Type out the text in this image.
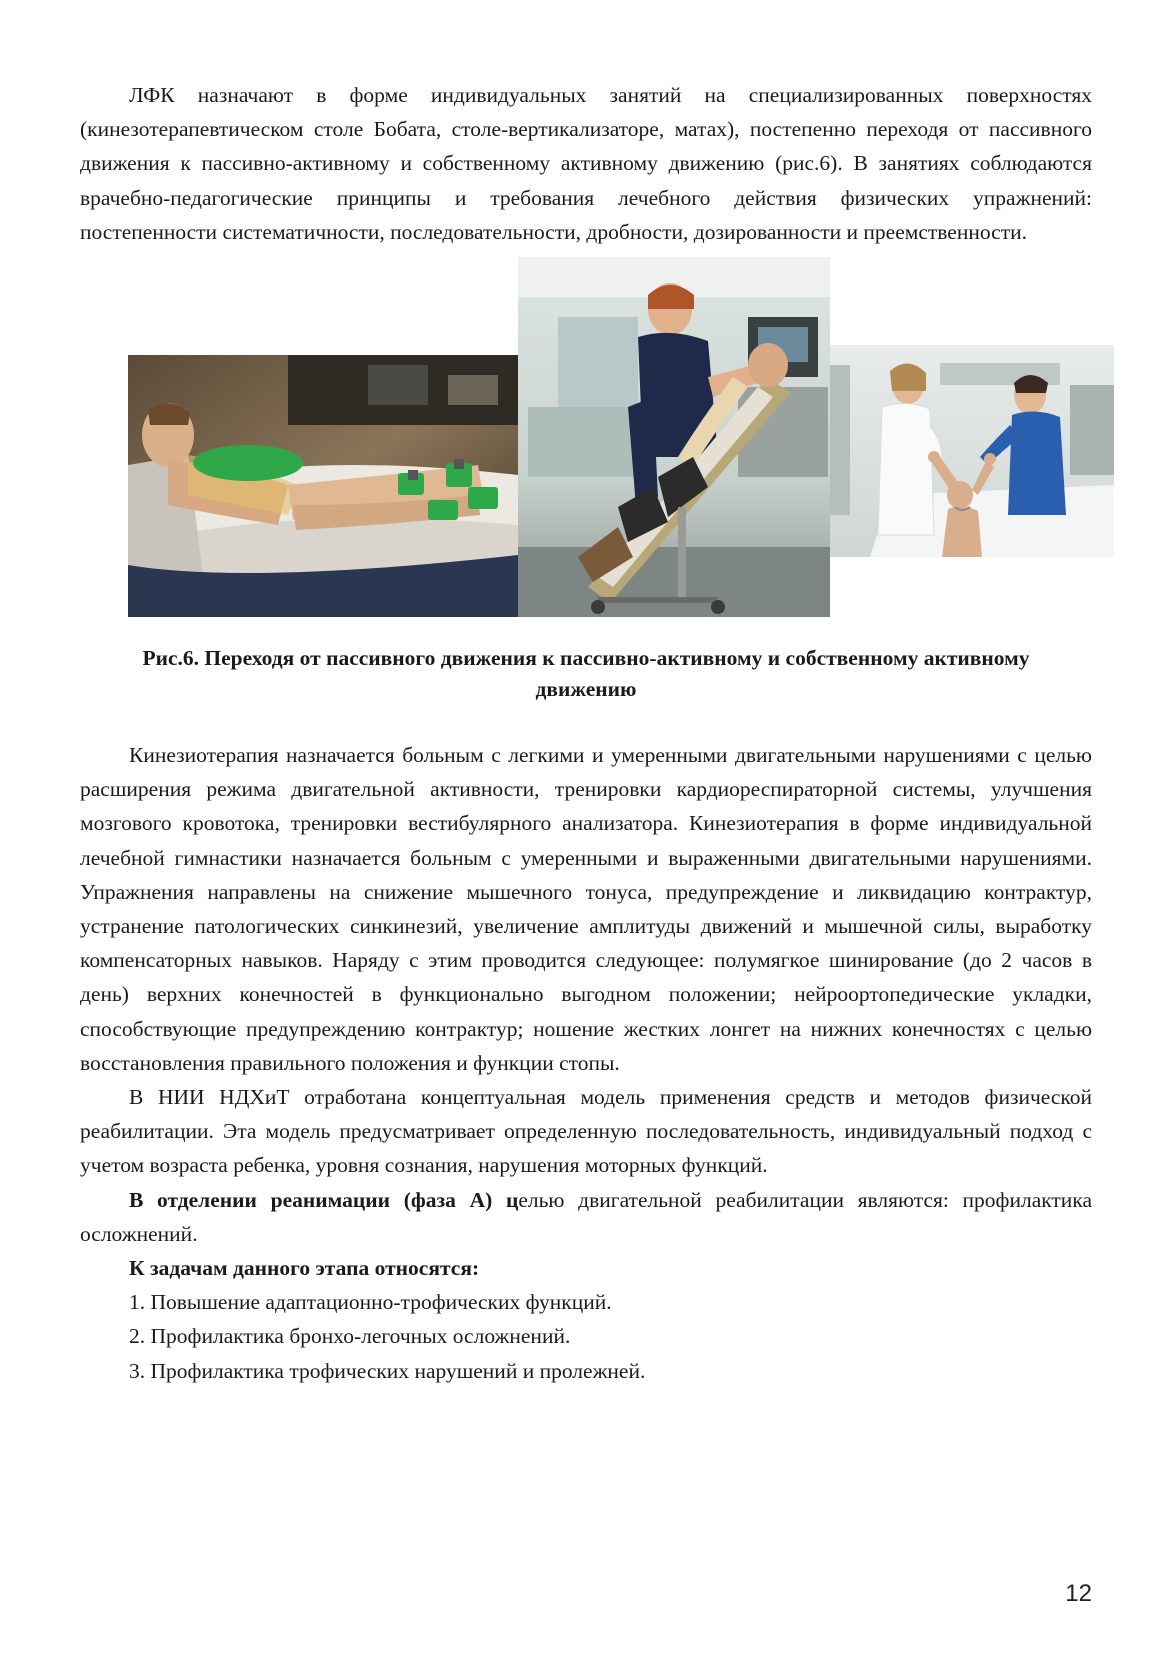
ЛФК назначают в форме индивидуальных занятий на специализированных поверхностях (кинезотерапевтическом столе Бобата, столе-вертикализаторе, матах), постепенно переходя от пассивного движения к пассивно-активному и собственному активному движению (рис.6). В занятиях соблюдаются врачебно-педагогические принципы и требования лечебного действия физических упражнений: постепенности систематичности, последовательности, дробности, дозированности и преемственности.

Рис.6. Переходя от пассивного движения к пассивно-активному и собственному активному движению

Кинезиотерапия назначается больным с легкими и умеренными двигательными нарушениями с целью расширения режима двигательной активности, тренировки кардиореспираторной системы, улучшения мозгового кровотока, тренировки вестибулярного анализатора. Кинезиотерапия в форме индивидуальной лечебной гимнастики назначается больным с умеренными и выраженными двигательными нарушениями. Упражнения направлены на снижение мышечного тонуса, предупреждение и ликвидацию контрактур, устранение патологических синкинезий, увеличение амплитуды движений и мышечной силы, выработку компенсаторных навыков. Наряду с этим проводится следующее: полумягкое шинирование (до 2 часов в день) верхних конечностей в функционально выгодном положении; нейроортопедические укладки, способствующие предупреждению контрактур; ношение жестких лонгет на нижних конечностях с целью восстановления правильного положения и функции стопы.

В НИИ НДХиТ отработана концептуальная модель применения средств и методов физической реабилитации. Эта модель предусматривает определенную последовательность, индивидуальный подход с учетом возраста ребенка, уровня сознания, нарушения моторных функций.

В отделении реанимации (фаза А) целью двигательной реабилитации являются: профилактика осложнений.

К задачам данного этапа относятся:

1. Повышение адаптационно-трофических функций.

2. Профилактика бронхо-легочных осложнений.

3. Профилактика трофических нарушений и пролежней.

12
